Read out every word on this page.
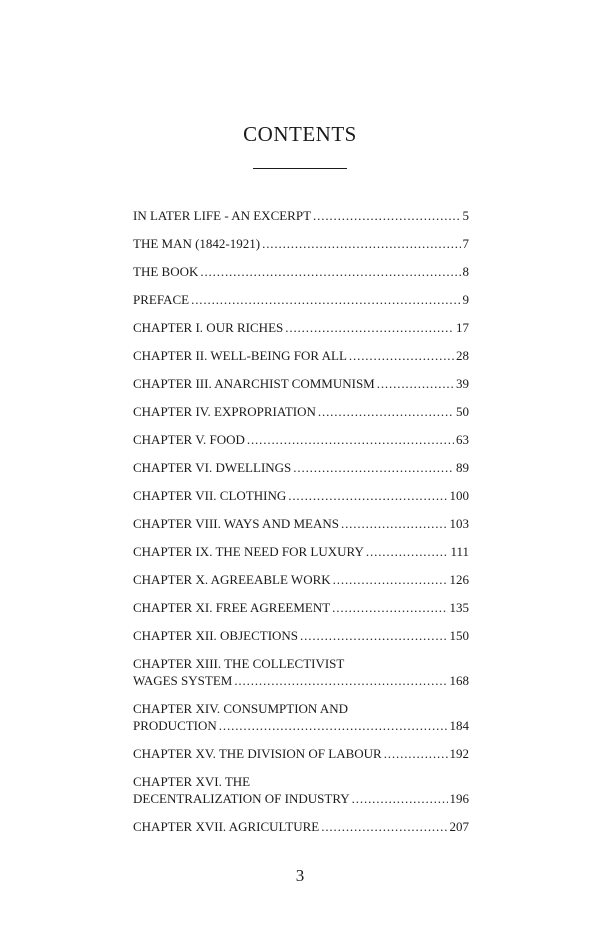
CONTENTS
IN LATER LIFE - AN EXCERPT . . .	5
THE MAN (1842-1921) . . .	7
THE BOOK . . .	8
PREFACE . . .	9
CHAPTER I. OUR RICHES . . .	17
CHAPTER II. WELL-BEING FOR ALL . . .	28
CHAPTER III. ANARCHIST COMMUNISM . . .	39
CHAPTER IV. EXPROPRIATION . . .	50
CHAPTER V. FOOD . . .	63
CHAPTER VI. DWELLINGS . . .	89
CHAPTER VII. CLOTHING . . .	100
CHAPTER VIII. WAYS AND MEANS . . .	103
CHAPTER IX. THE NEED FOR LUXURY . . .	111
CHAPTER X. AGREEABLE WORK . . .	126
CHAPTER XI. FREE AGREEMENT . . .	135
CHAPTER XII. OBJECTIONS . . .	150
CHAPTER XIII. THE COLLECTIVIST
WAGES SYSTEM . . .	168
CHAPTER XIV. CONSUMPTION AND
PRODUCTION . . .	184
CHAPTER XV. THE DIVISION OF LABOUR . . .	192
CHAPTER XVI. THE
DECENTRALIZATION OF INDUSTRY . . .	196
CHAPTER XVII. AGRICULTURE . . .	207
3
